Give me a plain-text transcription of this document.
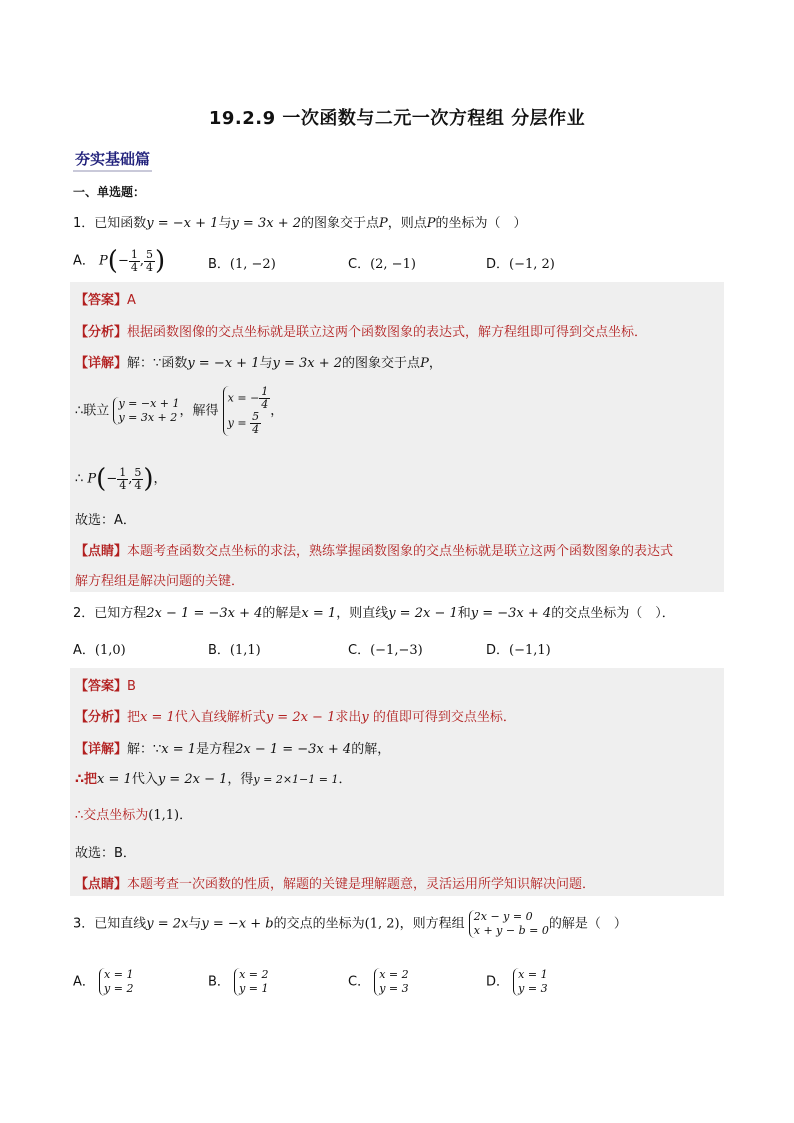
19.2.9 一次函数与二元一次方程组 分层作业
夯实基础篇
一、单选题：
1．已知函数y = −x + 1与y = 3x + 2的图象交于点P，则点P的坐标为（　）
A． $P(- \frac{1}{4}$ , $\frac{5}{4}$ )	B．(1, −2)	C．(2, −1)	D．(−1, 2)
【答案】A
【分析】根据函数图像的交点坐标就是联立这两个函数图象的表达式，解方程组即可得到交点坐标．
【详解】解：∵函数y = −x + 1与y = 3x + 2的图象交于点P，
∴联立 y = −x + 1
y = 3x + 2 ，解得 x = − $\frac{1}{4}$

$y = \frac{5}{4}$ ，
∴ $P(- \frac{1}{4}$ , $\frac{5}{4}$ )，
故选：A．
【点睛】本题考查函数交点坐标的求法，熟练掌握函数图象的交点坐标就是联立这两个函数图象的表达式
解方程组是解决问题的关键．
2．已知方程2x − 1 = −3x + 4的解是x = 1，则直线y = 2x − 1和y = −3x + 4的交点坐标为（　）．
A．(1,0)	B．(1,1)	C．(−1,−3)	D．(−1,1)
【答案】B
【分析】把x = 1代入直线解析式y = 2x − 1求出y 的值即可得到交点坐标．
【详解】解：∵x = 1是方程2x − 1 = −3x + 4的解，
∴把x = 1代入y = 2x − 1，得y = 2×1−1 = 1．
∴交点坐标为(1,1)．
故选：B．
【点睛】本题考查一次函数的性质，解题的关键是理解题意，灵活运用所学知识解决问题．
3．已知直线y = 2x与y = −x + b的交点的坐标为(1, 2)，则方程组 2x − y = 0
x + y − b = 0的解是（　）
A． x = 1
y = 2	B． x = 2
y = 1	C． x = 2
y = 3	D． x = 1
y = 3
